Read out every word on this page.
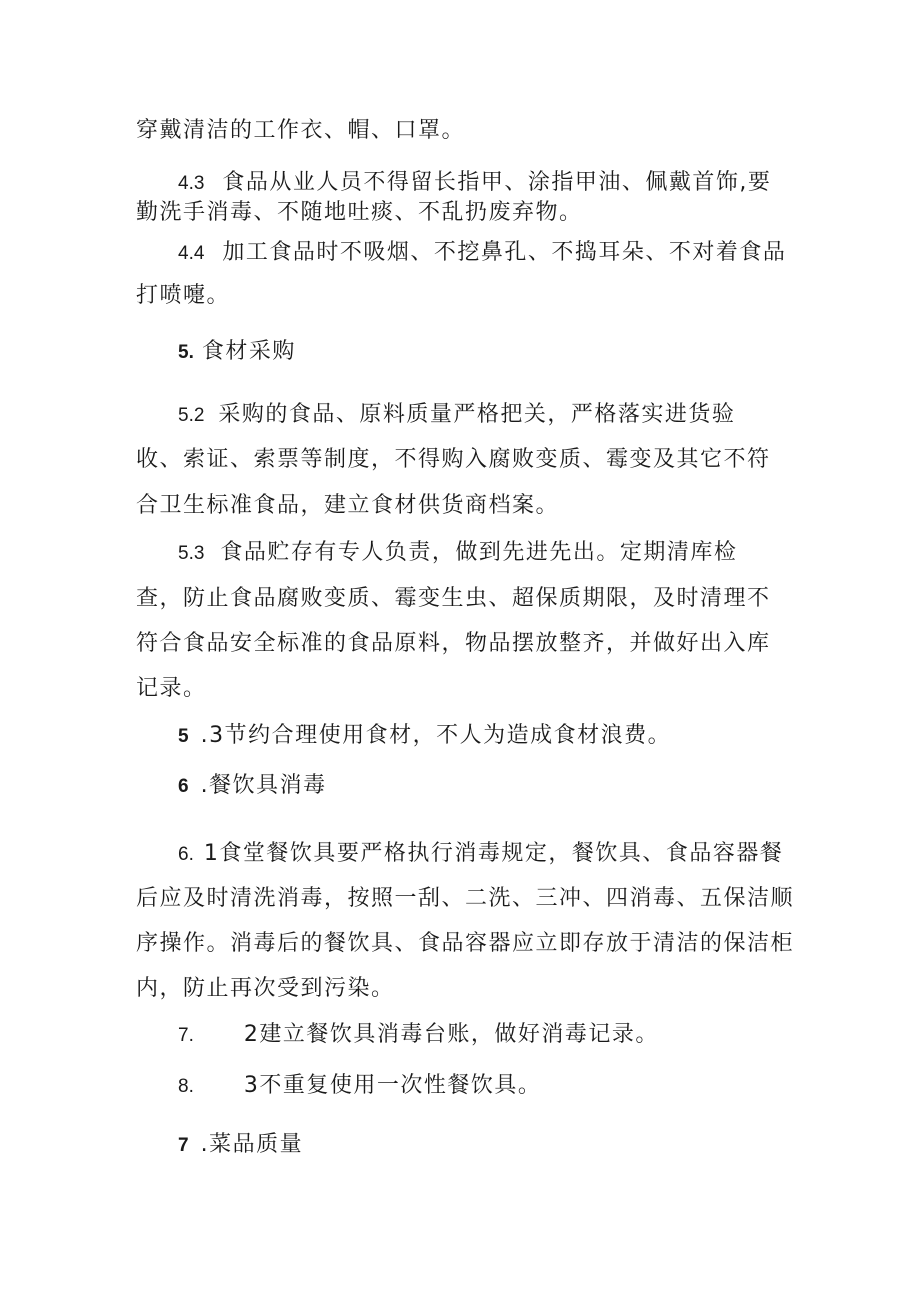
穿戴清洁的工作衣、帽、口罩。
4.3 食品从业人员不得留长指甲、涂指甲油、佩戴首饰,要
勤洗手消毒、不随地吐痰、不乱扔废弃物。
4.4 加工食品时不吸烟、不挖鼻孔、不捣耳朵、不对着食品
打喷嚏。
5. 食材采购
5.2 采购的食品、原料质量严格把关，严格落实进货验
收、索证、索票等制度，不得购入腐败变质、霉变及其它不符
合卫生标准食品，建立食材供货商档案。
5.3 食品贮存有专人负责，做到先进先出。定期清库检
查，防止食品腐败变质、霉变生虫、超保质期限，及时清理不
符合食品安全标准的食品原料，物品摆放整齐，并做好出入库
记录。
5 .3节约合理使用食材，不人为造成食材浪费。
6 .餐饮具消毒
6. 1食堂餐饮具要严格执行消毒规定，餐饮具、食品容器餐
后应及时清洗消毒，按照一刮、二洗、三冲、四消毒、五保洁顺
序操作。消毒后的餐饮具、食品容器应立即存放于清洁的保洁柜
内，防止再次受到污染。
7. 2建立餐饮具消毒台账，做好消毒记录。
8. 3不重复使用一次性餐饮具。
7 .菜品质量
